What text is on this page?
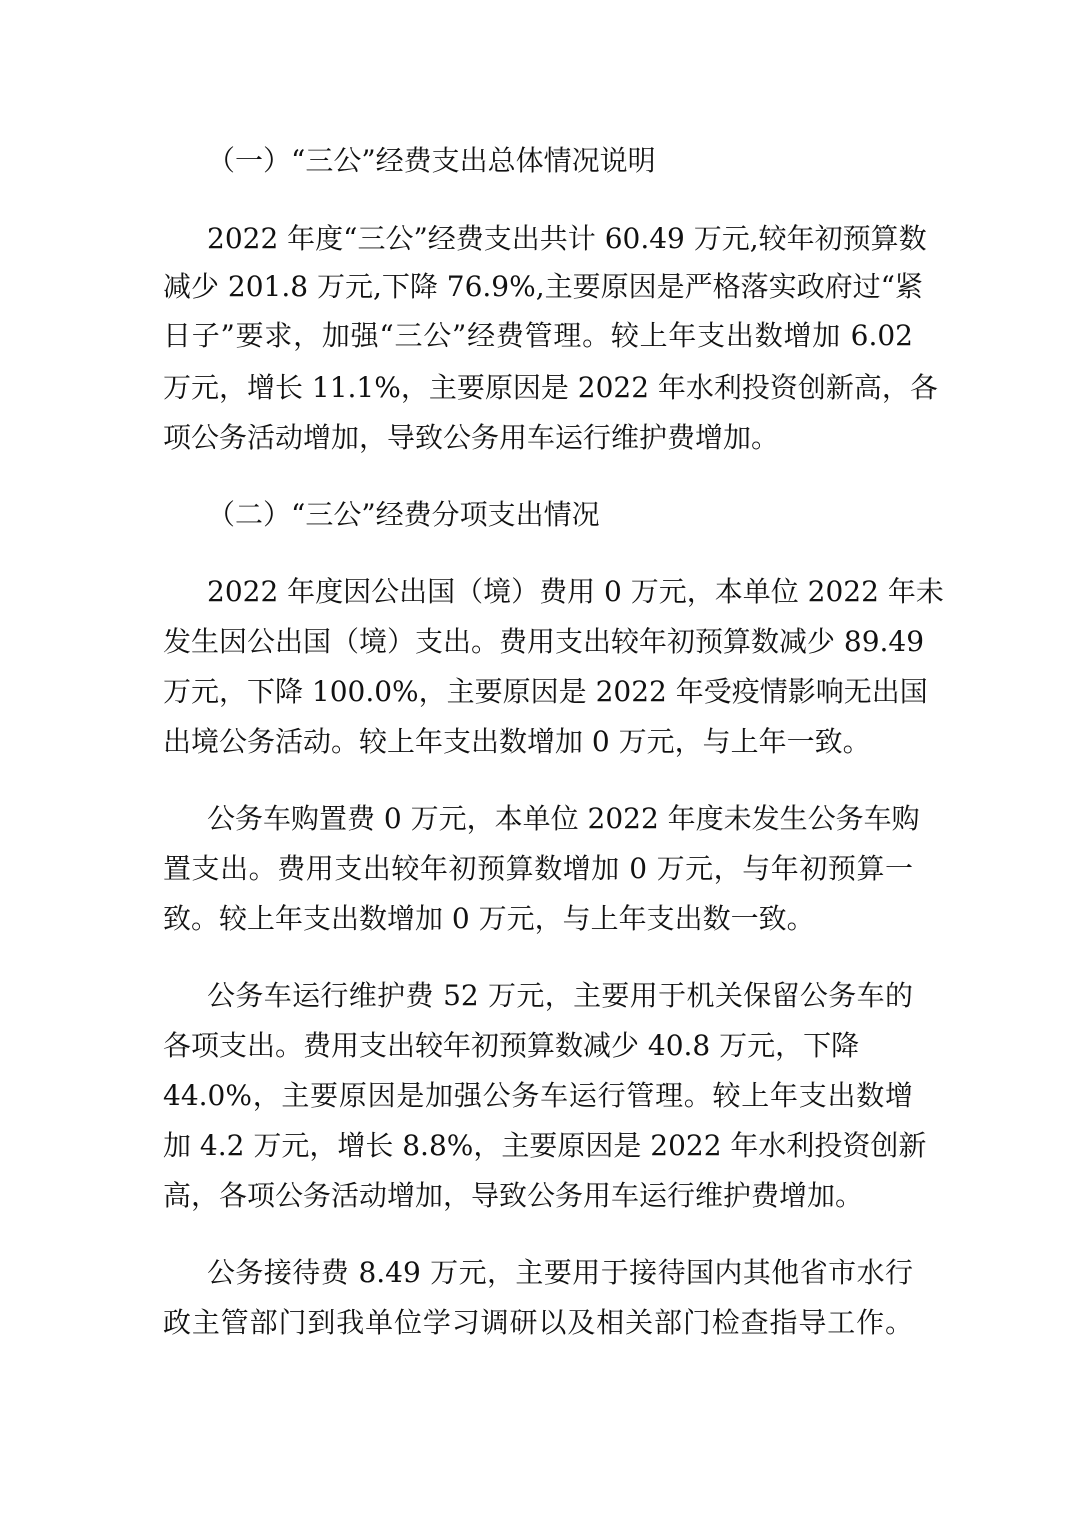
（一）“三公”经费支出总体情况说明
2022 年度“三公”经费支出共计 60.49 万元,较年初预算数
减少 201.8 万元,下降 76.9%,主要原因是严格落实政府过“紧
日子”要求，加强“三公”经费管理。较上年支出数增加 6.02
万元，增长 11.1%，主要原因是 2022 年水利投资创新高，各
项公务活动增加，导致公务用车运行维护费增加。
（二）“三公”经费分项支出情况
2022 年度因公出国（境）费用 0 万元，本单位 2022 年未
发生因公出国（境）支出。费用支出较年初预算数减少 89.49
万元，下降 100.0%，主要原因是 2022 年受疫情影响无出国
出境公务活动。较上年支出数增加 0 万元，与上年一致。
公务车购置费 0 万元，本单位 2022 年度未发生公务车购
置支出。费用支出较年初预算数增加 0 万元，与年初预算一
致。较上年支出数增加 0 万元，与上年支出数一致。
公务车运行维护费 52 万元，主要用于机关保留公务车的
各项支出。费用支出较年初预算数减少 40.8 万元，下降
44.0%，主要原因是加强公务车运行管理。较上年支出数增
加 4.2 万元，增长 8.8%，主要原因是 2022 年水利投资创新
高，各项公务活动增加，导致公务用车运行维护费增加。
公务接待费 8.49 万元，主要用于接待国内其他省市水行
政主管部门到我单位学习调研以及相关部门检查指导工作。
